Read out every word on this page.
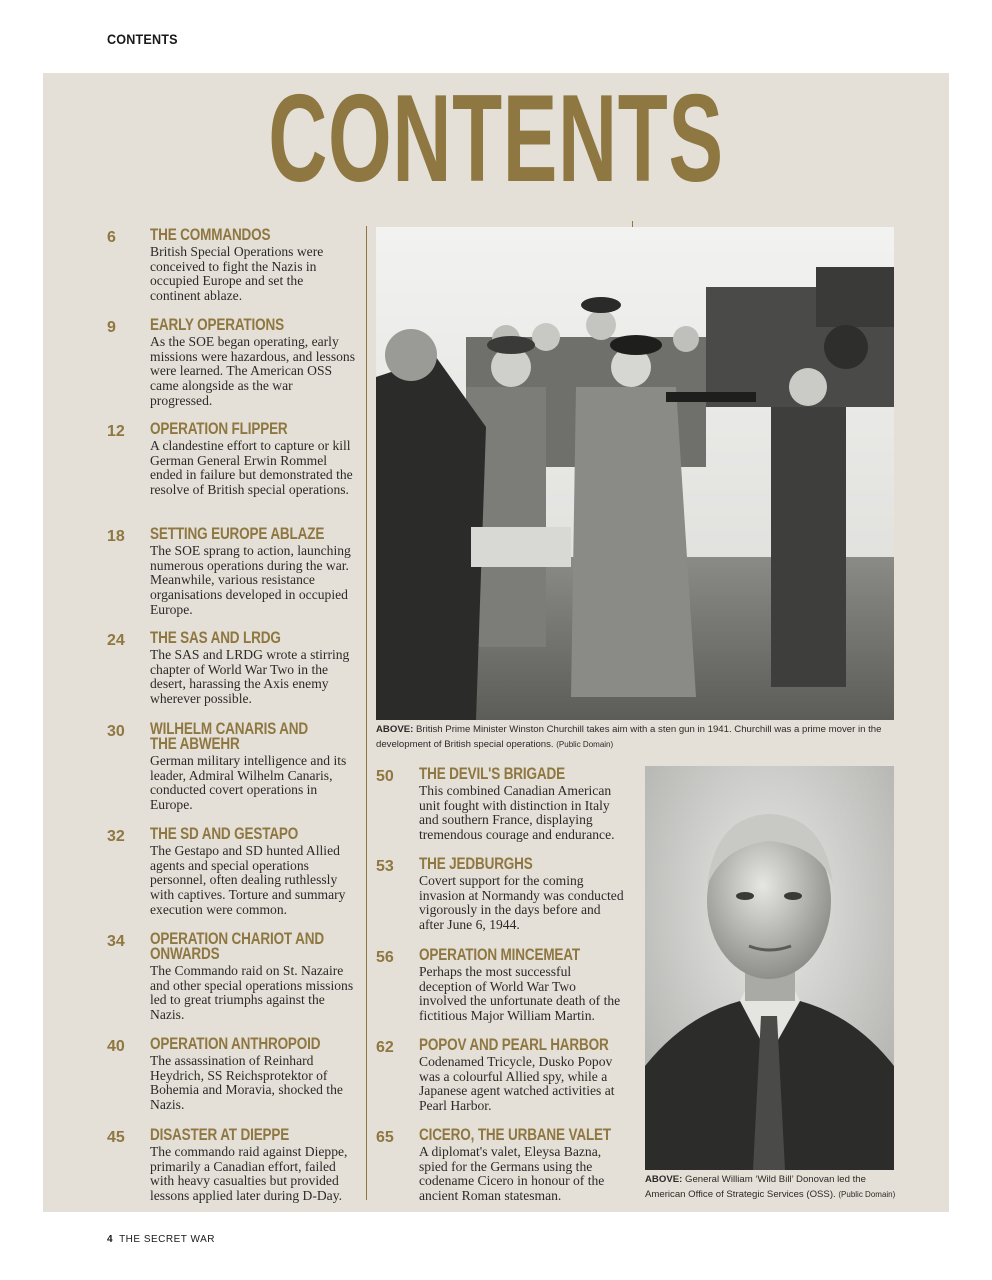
CONTENTS
CONTENTS
6 THE COMMANDOS

British Special Operations were conceived to fight the Nazis in occupied Europe and set the continent ablaze.

9 EARLY OPERATIONS

As the SOE began operating, early missions were hazardous, and lessons were learned. The American OSS came alongside as the war progressed.

12 OPERATION FLIPPER

A clandestine effort to capture or kill German General Erwin Rommel ended in failure but demonstrated the resolve of British special operations.

18 SETTING EUROPE ABLAZE

The SOE sprang to action, launching numerous operations during the war. Meanwhile, various resistance organisations developed in occupied Europe.

24 THE SAS AND LRDG

The SAS and LRDG wrote a stirring chapter of World War Two in the desert, harassing the Axis enemy wherever possible.

30 WILHELM CANARIS AND THE ABWEHR

German military intelligence and its leader, Admiral Wilhelm Canaris, conducted covert operations in Europe.

32 THE SD AND GESTAPO

The Gestapo and SD hunted Allied agents and special operations personnel, often dealing ruthlessly with captives. Torture and summary execution were common.

34 OPERATION CHARIOT AND ONWARDS

The Commando raid on St. Nazaire and other special operations missions led to great triumphs against the Nazis.

40 OPERATION ANTHROPOID

The assassination of Reinhard Heydrich, SS Reichsprotektor of Bohemia and Moravia, shocked the Nazis.

45 DISASTER AT DIEPPE

The commando raid against Dieppe, primarily a Canadian effort, failed with heavy casualties but provided lessons applied later during D-Day.

ABOVE: British Prime Minister Winston Churchill takes aim with a sten gun in 1941. Churchill was a prime mover in the development of British special operations. (Public Domain)
50 THE DEVIL'S BRIGADE

This combined Canadian American unit fought with distinction in Italy and southern France, displaying tremendous courage and endurance.

53 THE JEDBURGHS

Covert support for the coming invasion at Normandy was conducted vigorously in the days before and after June 6, 1944.

56 OPERATION MINCEMEAT

Perhaps the most successful deception of World War Two involved the unfortunate death of the fictitious Major William Martin.

62 POPOV AND PEARL HARBOR

Codenamed Tricycle, Dusko Popov was a colourful Allied spy, while a Japanese agent watched activities at Pearl Harbor.

65 CICERO, THE URBANE VALET

A diplomat's valet, Eleysa Bazna, spied for the Germans using the codename Cicero in honour of the ancient Roman statesman.

ABOVE: General William ‘Wild Bill’ Donovan led the American Office of Strategic Services (OSS). (Public Domain)
4 THE SECRET WAR
